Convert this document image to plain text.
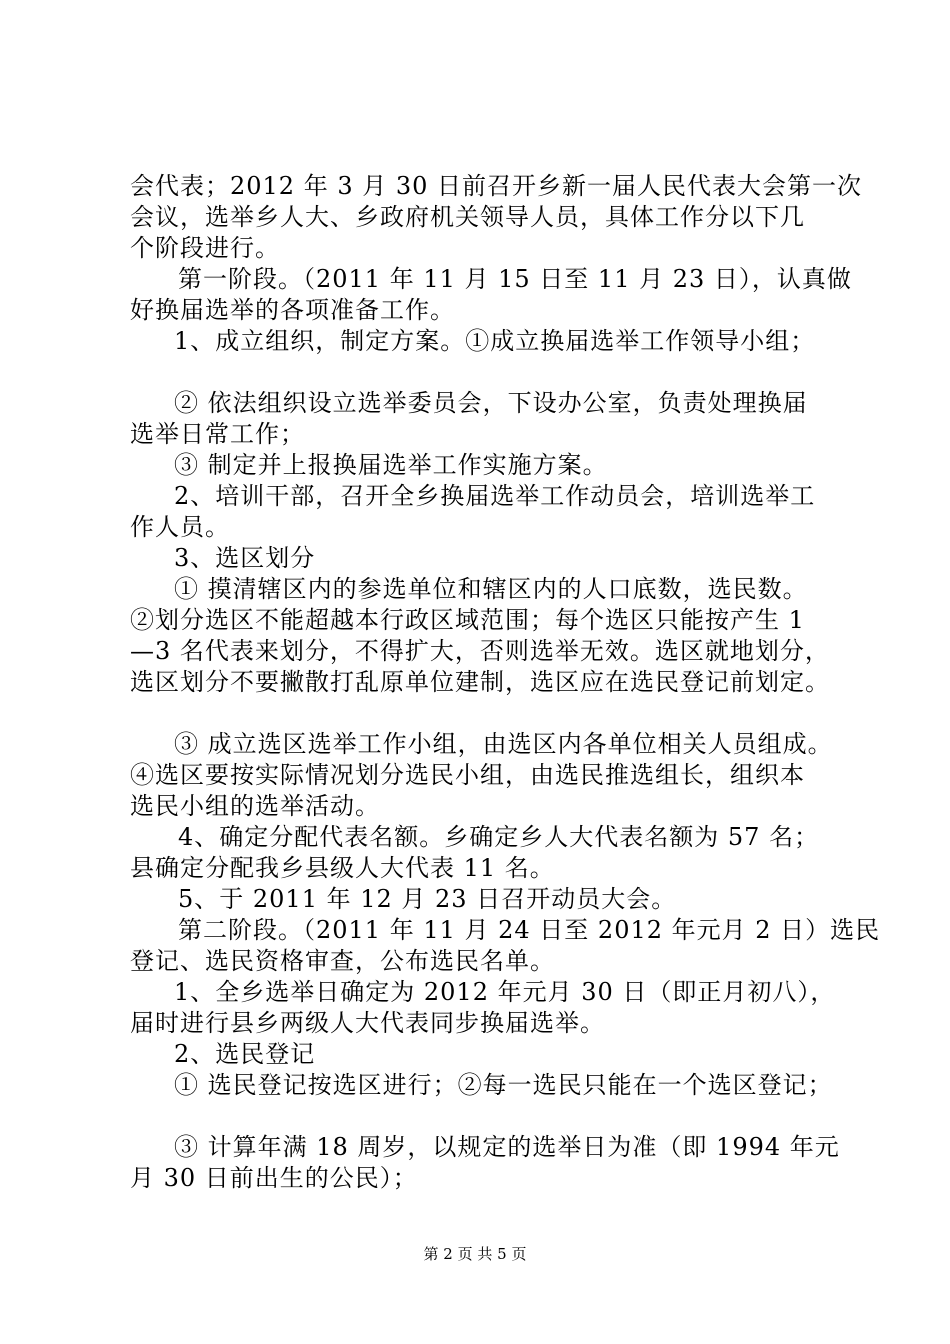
会代表；2012 年 3 月 30 日前召开乡新一届人民代表大会第一次
会议，选举乡人大、乡政府机关领导人员，具体工作分以下几
个阶段进行。
第一阶段。（2011 年 11 月 15 日至 11 月 23 日），认真做
好换届选举的各项准备工作。
1、成立组织，制定方案。①成立换届选举工作领导小组；
② 依法组织设立选举委员会，下设办公室，负责处理换届
选举日常工作；
③ 制定并上报换届选举工作实施方案。
2、培训干部，召开全乡换届选举工作动员会，培训选举工
作人员。
3、选区划分
① 摸清辖区内的参选单位和辖区内的人口底数，选民数。
②划分选区不能超越本行政区域范围；每个选区只能按产生 1
—3 名代表来划分，不得扩大，否则选举无效。选区就地划分，
选区划分不要撇散打乱原单位建制，选区应在选民登记前划定。
③ 成立选区选举工作小组，由选区内各单位相关人员组成。
④选区要按实际情况划分选民小组，由选民推选组长，组织本
选民小组的选举活动。
4、确定分配代表名额。乡确定乡人大代表名额为 57 名；
县确定分配我乡县级人大代表 11 名。
5、于 2011 年 12 月 23 日召开动员大会。
第二阶段。（2011 年 11 月 24 日至 2012 年元月 2 日）选民
登记、选民资格审查，公布选民名单。
1、全乡选举日确定为 2012 年元月 30 日（即正月初八），
届时进行县乡两级人大代表同步换届选举。
2、选民登记
① 选民登记按选区进行；②每一选民只能在一个选区登记；
③ 计算年满 18 周岁，以规定的选举日为准（即 1994 年元
月 30 日前出生的公民）；
第 2 页 共 5 页
